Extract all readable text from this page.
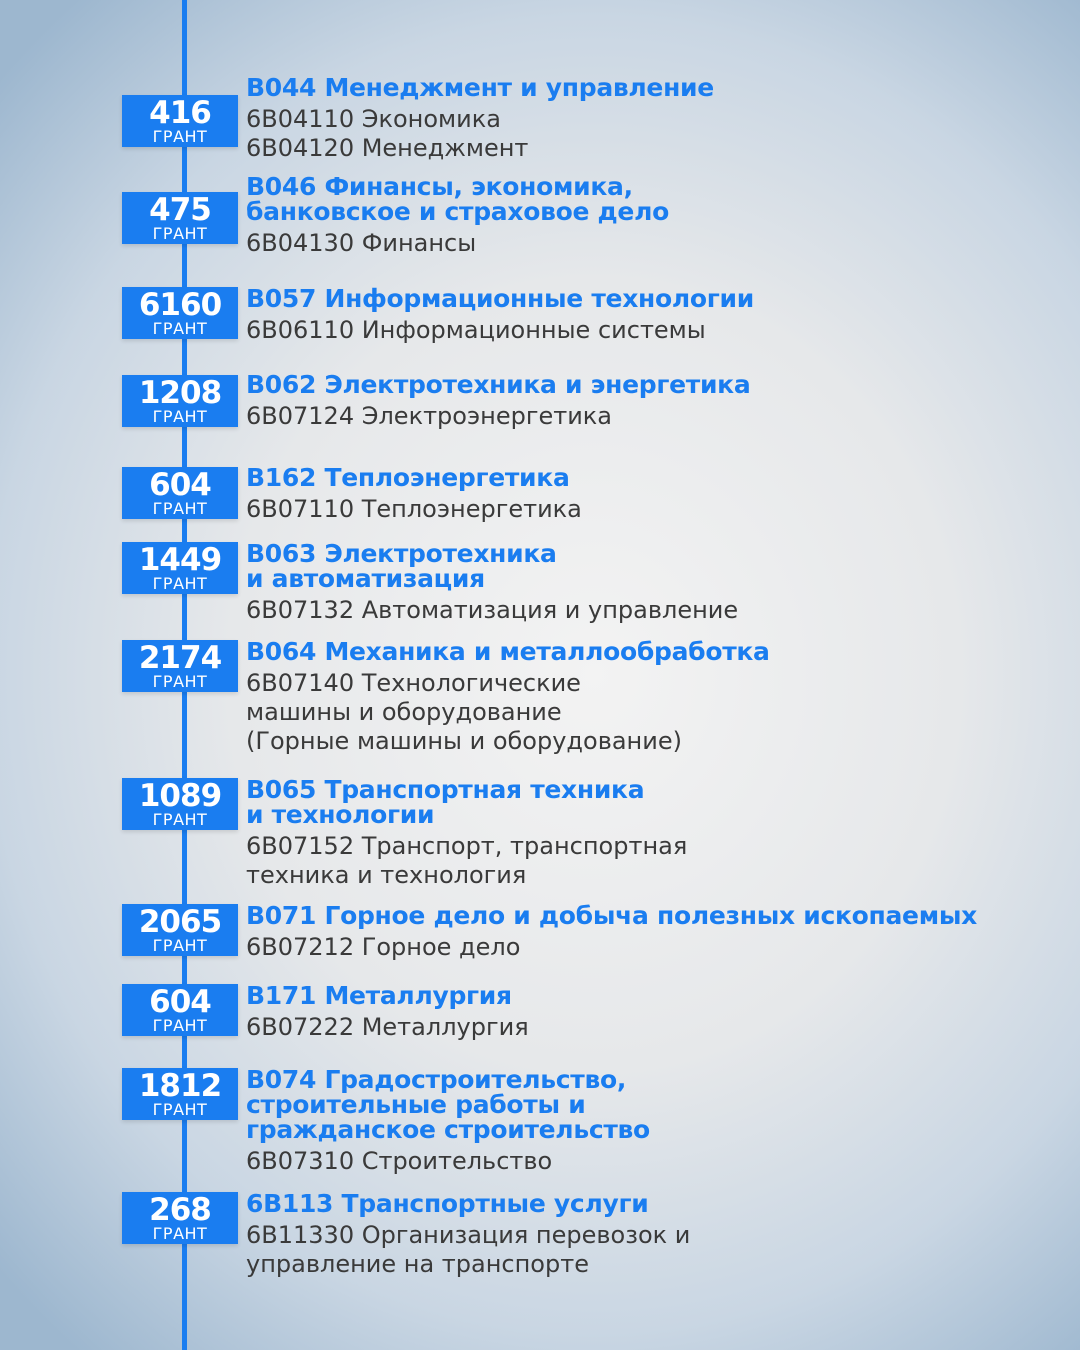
416
ГРАНТ
B044 Менеджмент и управление
6B04110 Экономика
6B04120 Менеджмент
475
ГРАНТ
B046 Финансы, экономика,
банковское и страховое дело
6B04130 Финансы
6160
ГРАНТ
B057 Информационные технологии
6B06110 Информационные системы
1208
ГРАНТ
B062 Электротехника и энергетика
6B07124 Электроэнергетика
604
ГРАНТ
B162 Теплоэнергетика
6B07110 Теплоэнергетика
1449
ГРАНТ
B063 Электротехника
и автоматизация
6B07132 Автоматизация и управление
2174
ГРАНТ
B064 Механика и металлообработка
6B07140 Технологические
машины и оборудование
(Горные машины и оборудование)
1089
ГРАНТ
B065 Транспортная техника
и технологии
6B07152 Транспорт, транспортная
техника и технология
2065
ГРАНТ
B071 Горное дело и добыча полезных ископаемых
6B07212 Горное дело
604
ГРАНТ
B171 Металлургия
6B07222 Металлургия
1812
ГРАНТ
B074 Градостроительство,
строительные работы и
гражданское строительство
6B07310 Строительство
268
ГРАНТ
6B113 Транспортные услуги
6B11330 Организация перевозок и
управление на транспорте
